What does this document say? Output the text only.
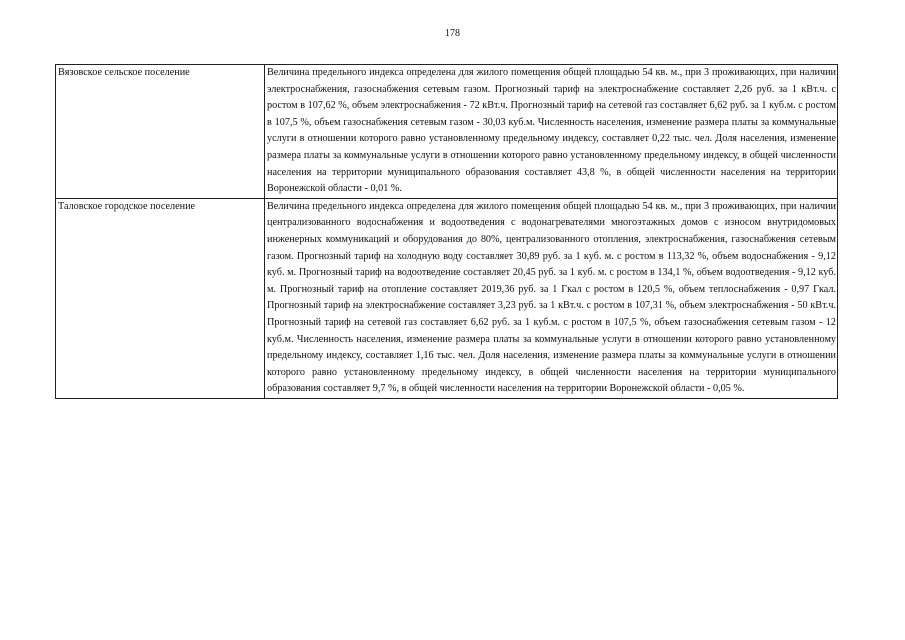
178
Вязовское сельское поселение	Величина предельного индекса определена для жилого помещения общей площадью 54 кв. м., при 3 проживающих, при наличии электроснабжения, газоснабжения сетевым газом. Прогнозный тариф на электроснабжение составляет 2,26 руб. за 1 кВт.ч. с ростом в 107,62 %, объем электроснабжения - 72 кВт.ч. Прогнозный тариф на сетевой газ составляет 6,62 руб. за 1 куб.м. с ростом в 107,5 %, объем газоснабжения сетевым газом - 30,03 куб.м. Численность населения, изменение размера платы за коммунальные услуги в отношении которого равно установленному предельному индексу, составляет 0,22 тыс. чел. Доля населения, изменение размера платы за коммунальные услуги в отношении которого равно установленному предельному индексу, в общей численности населения на территории муниципального образования составляет 43,8 %, в общей численности населения на территории Воронежской области - 0,01 %.
Таловское городское поселение	Величина предельного индекса определена для жилого помещения общей площадью 54 кв. м., при 3 проживающих, при наличии централизованного водоснабжения и водоотведения с водонагревателями многоэтажных домов с износом внутридомовых инженерных коммуникаций и оборудования до 80%, централизованного отопления, электроснабжения, газоснабжения сетевым газом. Прогнозный тариф на холодную воду составляет 30,89 руб. за 1 куб. м. с ростом в 113,32 %, объем водоснабжения - 9,12 куб. м. Прогнозный тариф на водоотведение составляет 20,45 руб. за 1 куб. м. с ростом в 134,1 %, объем водоотведения - 9,12 куб. м. Прогнозный тариф на отопление составляет 2019,36 руб. за 1 Гкал с ростом в 120,5 %, объем теплоснабжения - 0,97 Гкал. Прогнозный тариф на электроснабжение составляет 3,23 руб. за 1 кВт.ч. с ростом в 107,31 %, объем электроснабжения - 50 кВт.ч. Прогнозный тариф на сетевой газ составляет 6,62 руб. за 1 куб.м. с ростом в 107,5 %, объем газоснабжения сетевым газом - 12 куб.м. Численность населения, изменение размера платы за коммунальные услуги в отношении которого равно установленному предельному индексу, составляет 1,16 тыс. чел. Доля населения, изменение размера платы за коммунальные услуги в отношении которого равно установленному предельному индексу, в общей численности населения на территории муниципального образования составляет 9,7 %, в общей численности населения на территории Воронежской области - 0,05 %.
